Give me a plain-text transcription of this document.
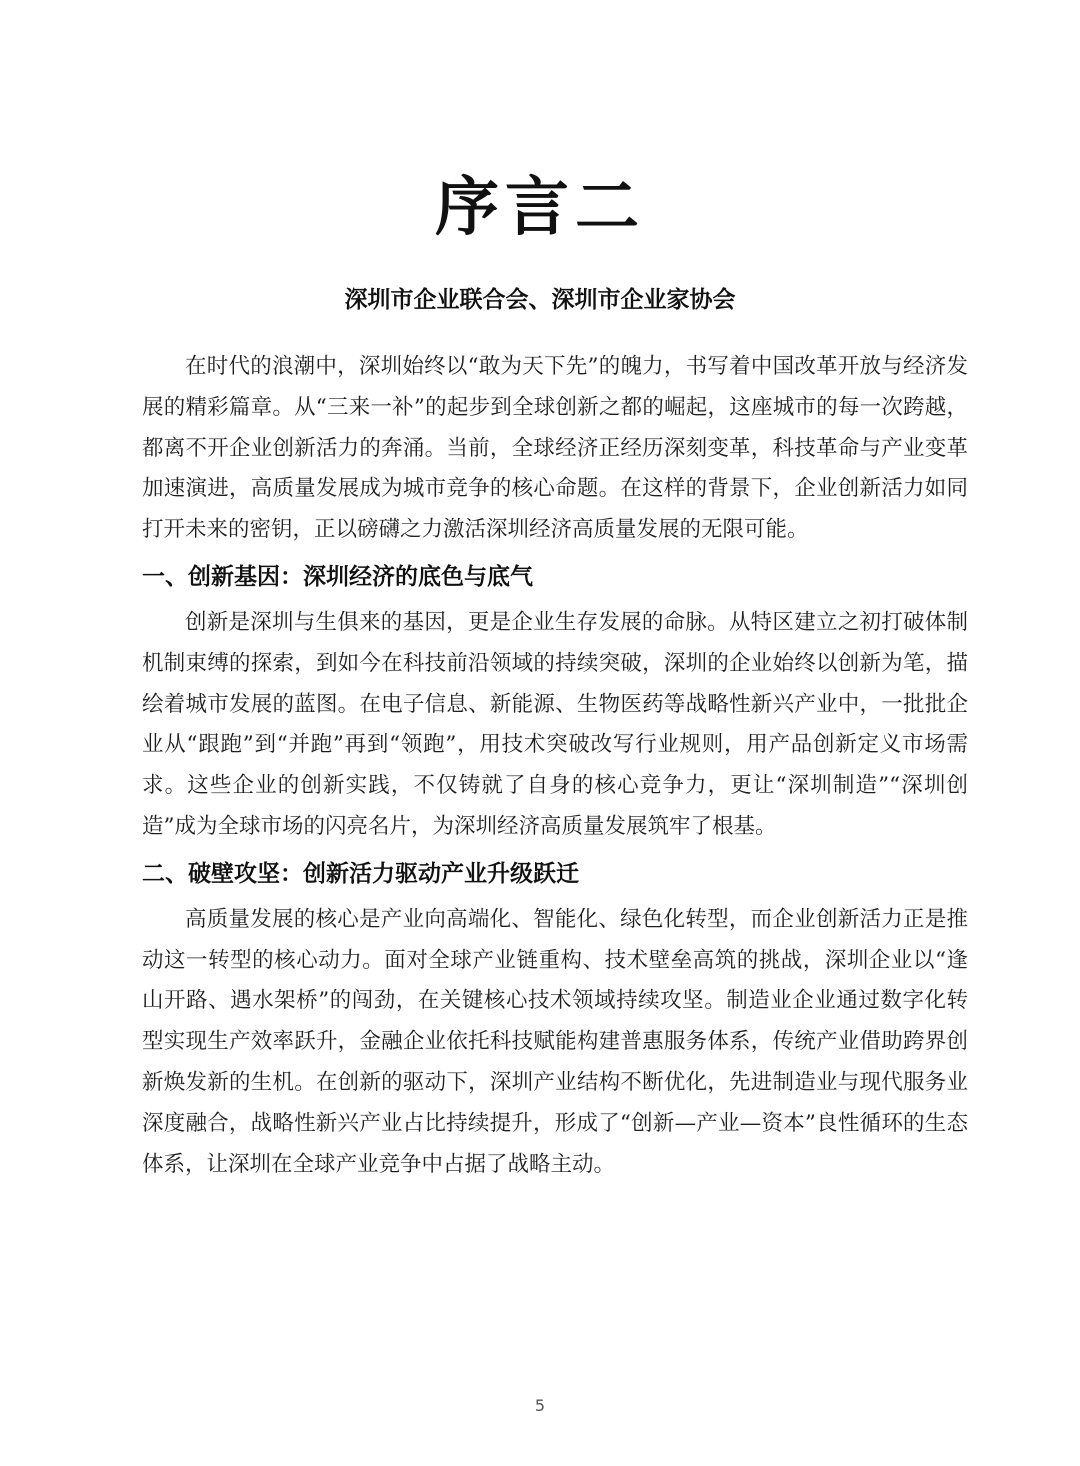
序言二
深圳市企业联合会、深圳市企业家协会

在时代的浪潮中，深圳始终以“敢为天下先”的魄力，书写着中国改革开放与经济发展的精彩篇章。从“三来一补”的起步到全球创新之都的崛起，这座城市的每一次跨越，都离不开企业创新活力的奔涌。当前，全球经济正经历深刻变革，科技革命与产业变革加速演进，高质量发展成为城市竞争的核心命题。在这样的背景下，企业创新活力如同打开未来的密钥，正以磅礴之力激活深圳经济高质量发展的无限可能。

一、创新基因：深圳经济的底色与底气

创新是深圳与生俱来的基因，更是企业生存发展的命脉。从特区建立之初打破体制机制束缚的探索，到如今在科技前沿领域的持续突破，深圳的企业始终以创新为笔，描绘着城市发展的蓝图。在电子信息、新能源、生物医药等战略性新兴产业中，一批批企业从“跟跑”到“并跑”再到“领跑”，用技术突破改写行业规则，用产品创新定义市场需求。这些企业的创新实践，不仅铸就了自身的核心竞争力，更让“深圳制造”“深圳创造”成为全球市场的闪亮名片，为深圳经济高质量发展筑牢了根基。

二、破壁攻坚：创新活力驱动产业升级跃迁

高质量发展的核心是产业向高端化、智能化、绿色化转型，而企业创新活力正是推动这一转型的核心动力。面对全球产业链重构、技术壁垒高筑的挑战，深圳企业以“逢山开路、遇水架桥”的闯劲，在关键核心技术领域持续攻坚。制造业企业通过数字化转型实现生产效率跃升，金融企业依托科技赋能构建普惠服务体系，传统产业借助跨界创新焕发新的生机。在创新的驱动下，深圳产业结构不断优化，先进制造业与现代服务业深度融合，战略性新兴产业占比持续提升，形成了“创新—产业—资本”良性循环的生态体系，让深圳在全球产业竞争中占据了战略主动。

5
